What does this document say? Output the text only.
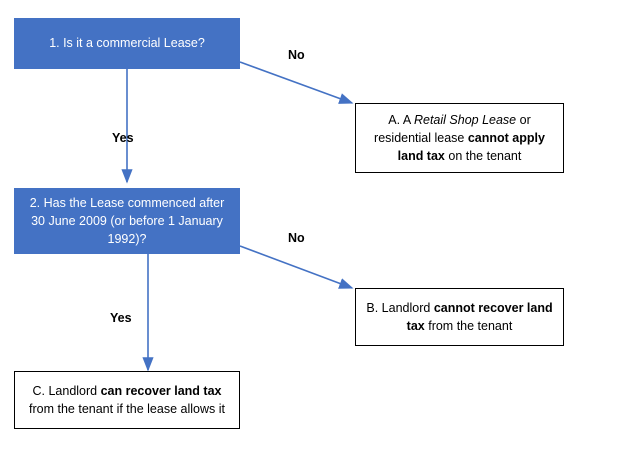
1. Is it a commercial Lease?
2. Has the Lease commenced after 30 June 2009 (or before 1 January 1992)?
A. A Retail Shop Lease or residential lease cannot apply land tax on the tenant
B. Landlord cannot recover land tax from the tenant
C. Landlord can recover land tax from the tenant if the lease allows it
No
Yes
No
Yes
